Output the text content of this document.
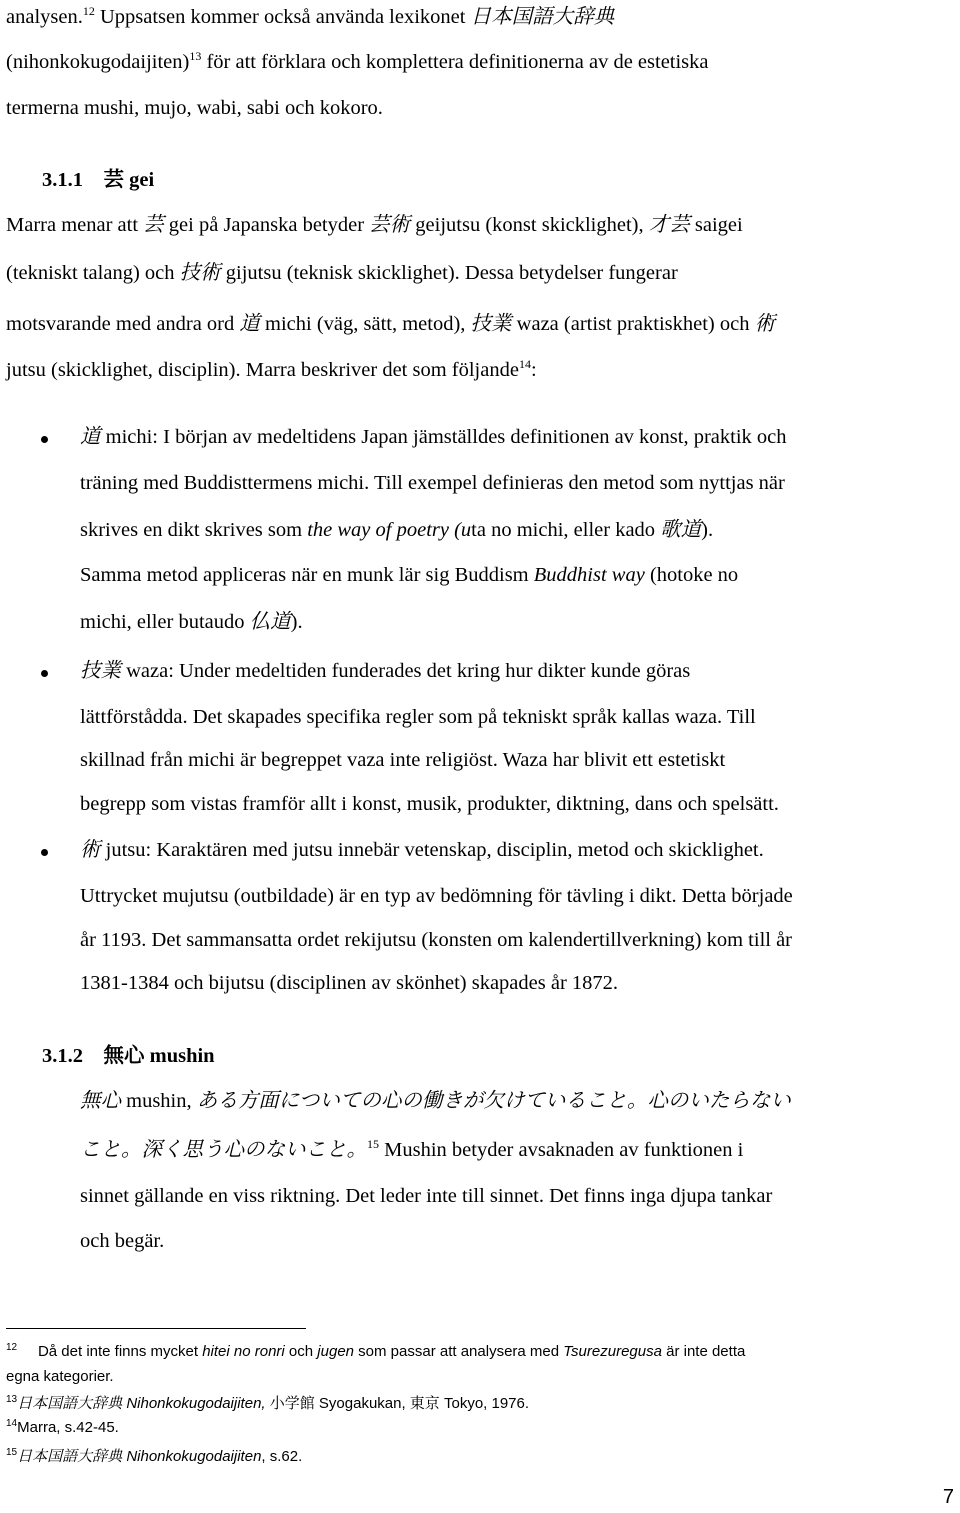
analysen.$^{12}$ Uppsatsen kommer också använda lexikonet 日本国語大辞典
(nihonkokugodaijiten)$^{13}$ för att förklara och komplettera definitionerna av de estetiska
termerna mushi, mujo, wabi, sabi och kokoro.
3.1.1 芸 gei
Marra menar att 芸 gei på Japanska betyder 芸術 geijutsu (konst skicklighet), 才芸 saigei
(tekniskt talang) och 技術 gijutsu (teknisk skicklighet). Dessa betydelser fungerar
motsvarande med andra ord 道 michi (väg, sätt, metod), 技業 waza (artist praktiskhet) och 術
jutsu (skicklighet, disciplin). Marra beskriver det som följande$^{14}$:
道 michi: I början av medeltidens Japan jämställdes definitionen av konst, praktik och
träning med Buddisttermens michi. Till exempel definieras den metod som nyttjas när
skrives en dikt skrives som the way of poetry (uta no michi, eller kado 歌道).
Samma metod appliceras när en munk lär sig Buddism Buddhist way (hotoke no
michi, eller butaudo 仏道).
技業 waza: Under medeltiden funderades det kring hur dikter kunde göras
lättförstådda. Det skapades specifika regler som på tekniskt språk kallas waza. Till
skillnad från michi är begreppet vaza inte religiöst. Waza har blivit ett estetiskt
begrepp som vistas framför allt i konst, musik, produkter, diktning, dans och spelsätt.
術 jutsu: Karaktären med jutsu innebär vetenskap, disciplin, metod och skicklighet.
Uttrycket mujutsu (outbildade) är en typ av bedömning för tävling i dikt. Detta började
år 1193. Det sammansatta ordet rekijutsu (konsten om kalendertillverkning) kom till år
1381-1384 och bijutsu (disciplinen av skönhet) skapades år 1872.
3.1.2 無心 mushin
無心 mushin, ある方面についての心の働きが欠けていること。心のいたらない
こと。深く思う心のないこと。$^{15}$ Mushin betyder avsaknaden av funktionen i
sinnet gällande en viss riktning. Det leder inte till sinnet. Det finns inga djupa tankar
och begär.
$^{12}$ Då det inte finns mycket hitei no ronri och jugen som passar att analysera med Tsurezuregusa är inte detta
egna kategorier.
$^{13}$日本国語大辞典 Nihonkokugodaijiten, 小学館 Syogakukan, 東京 Tokyo, 1976.
$^{14}$Marra, s.42-45.
$^{15}$日本国語大辞典 Nihonkokugodaijiten, s.62.
7
